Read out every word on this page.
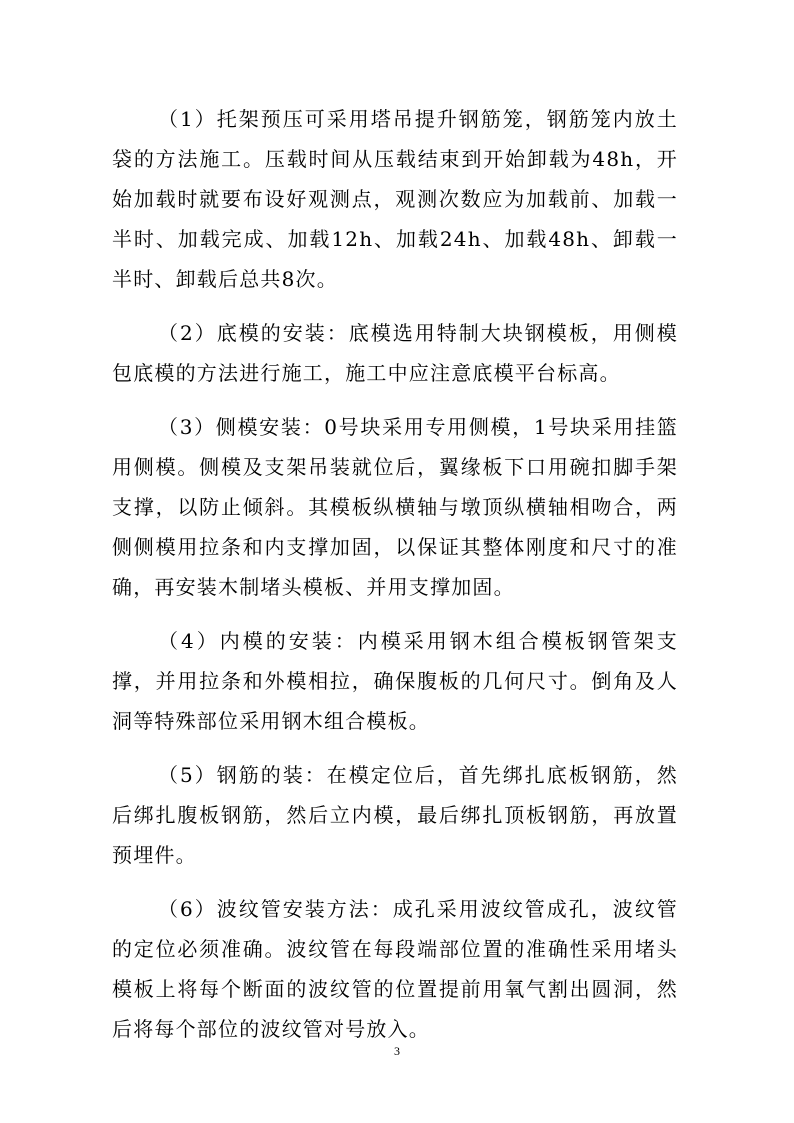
（1）托架预压可采用塔吊提升钢筋笼，钢筋笼内放土袋的方法施工。压载时间从压载结束到开始卸载为48h，开始加载时就要布设好观测点，观测次数应为加载前、加载一半时、加载完成、加载12h、加载24h、加载48h、卸载一半时、卸载后总共8次。

（2）底模的安装：底模选用特制大块钢模板，用侧模包底模的方法进行施工，施工中应注意底模平台标高。

（3）侧模安装：0号块采用专用侧模，1号块采用挂篮用侧模。侧模及支架吊装就位后，翼缘板下口用碗扣脚手架支撑，以防止倾斜。其模板纵横轴与墩顶纵横轴相吻合，两侧侧模用拉条和内支撑加固，以保证其整体刚度和尺寸的准确，再安装木制堵头模板、并用支撑加固。

（4）内模的安装：内模采用钢木组合模板钢管架支撑，并用拉条和外模相拉，确保腹板的几何尺寸。倒角及人洞等特殊部位采用钢木组合模板。

（5）钢筋的装：在模定位后，首先绑扎底板钢筋，然后绑扎腹板钢筋，然后立内模，最后绑扎顶板钢筋，再放置预埋件。

（6）波纹管安装方法：成孔采用波纹管成孔，波纹管的定位必须准确。波纹管在每段端部位置的准确性采用堵头模板上将每个断面的波纹管的位置提前用氧气割出圆洞，然后将每个部位的波纹管对号放入。

3
